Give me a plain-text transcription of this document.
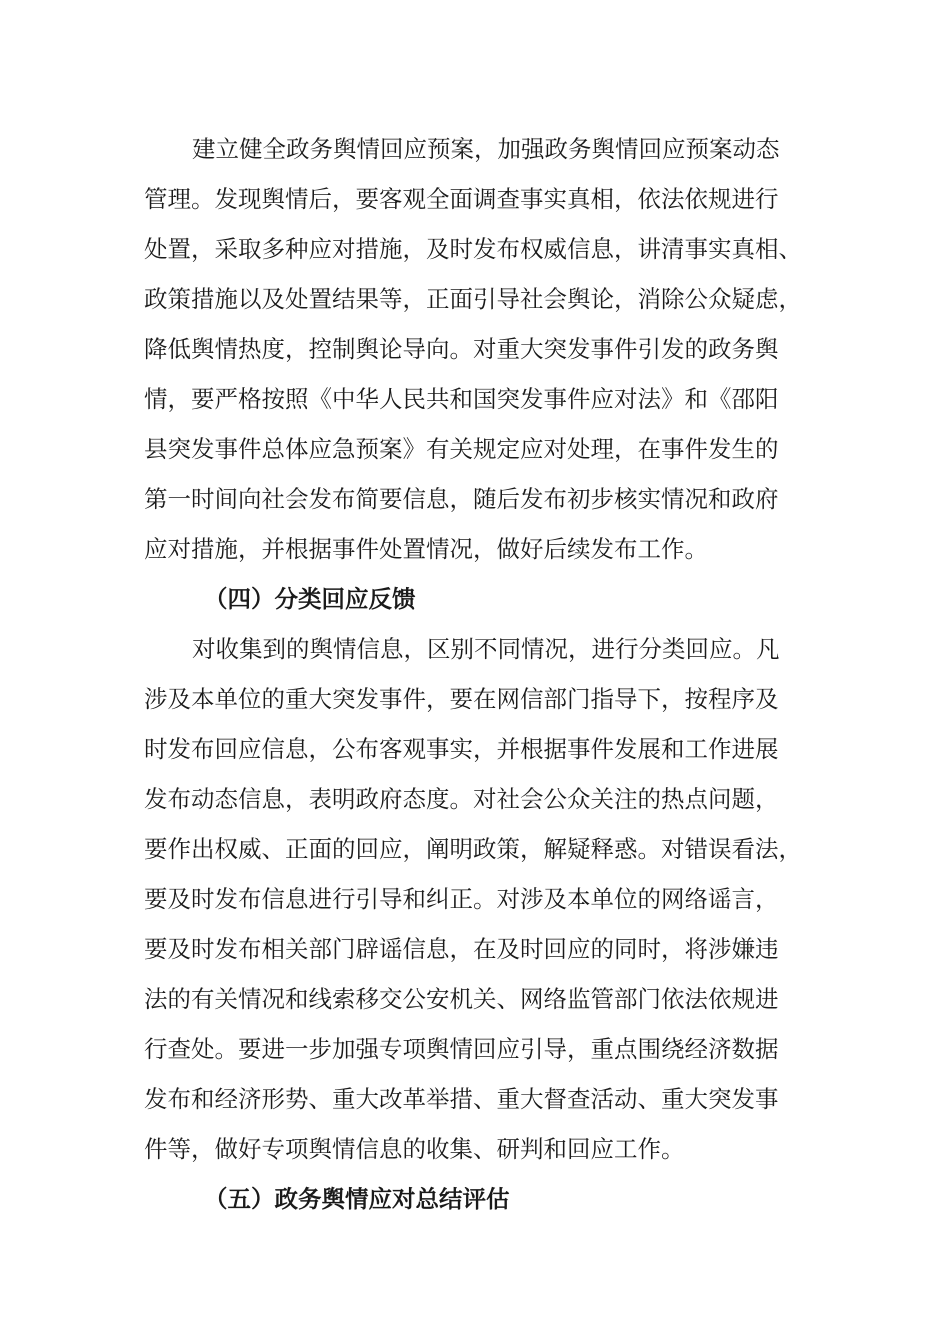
建立健全政务舆情回应预案，加强政务舆情回应预案动态
管理。发现舆情后，要客观全面调查事实真相，依法依规进行
处置，采取多种应对措施，及时发布权威信息，讲清事实真相、
政策措施以及处置结果等，正面引导社会舆论，消除公众疑虑，
降低舆情热度，控制舆论导向。对重大突发事件引发的政务舆
情，要严格按照《中华人民共和国突发事件应对法》和《邵阳
县突发事件总体应急预案》有关规定应对处理，在事件发生的
第一时间向社会发布简要信息，随后发布初步核实情况和政府
应对措施，并根据事件处置情况，做好后续发布工作。
（四）分类回应反馈
对收集到的舆情信息，区别不同情况，进行分类回应。凡
涉及本单位的重大突发事件，要在网信部门指导下，按程序及
时发布回应信息，公布客观事实，并根据事件发展和工作进展
发布动态信息，表明政府态度。对社会公众关注的热点问题，
要作出权威、正面的回应，阐明政策，解疑释惑。对错误看法，
要及时发布信息进行引导和纠正。对涉及本单位的网络谣言，
要及时发布相关部门辟谣信息，在及时回应的同时，将涉嫌违
法的有关情况和线索移交公安机关、网络监管部门依法依规进
行查处。要进一步加强专项舆情回应引导，重点围绕经济数据
发布和经济形势、重大改革举措、重大督查活动、重大突发事
件等，做好专项舆情信息的收集、研判和回应工作。
（五）政务舆情应对总结评估
